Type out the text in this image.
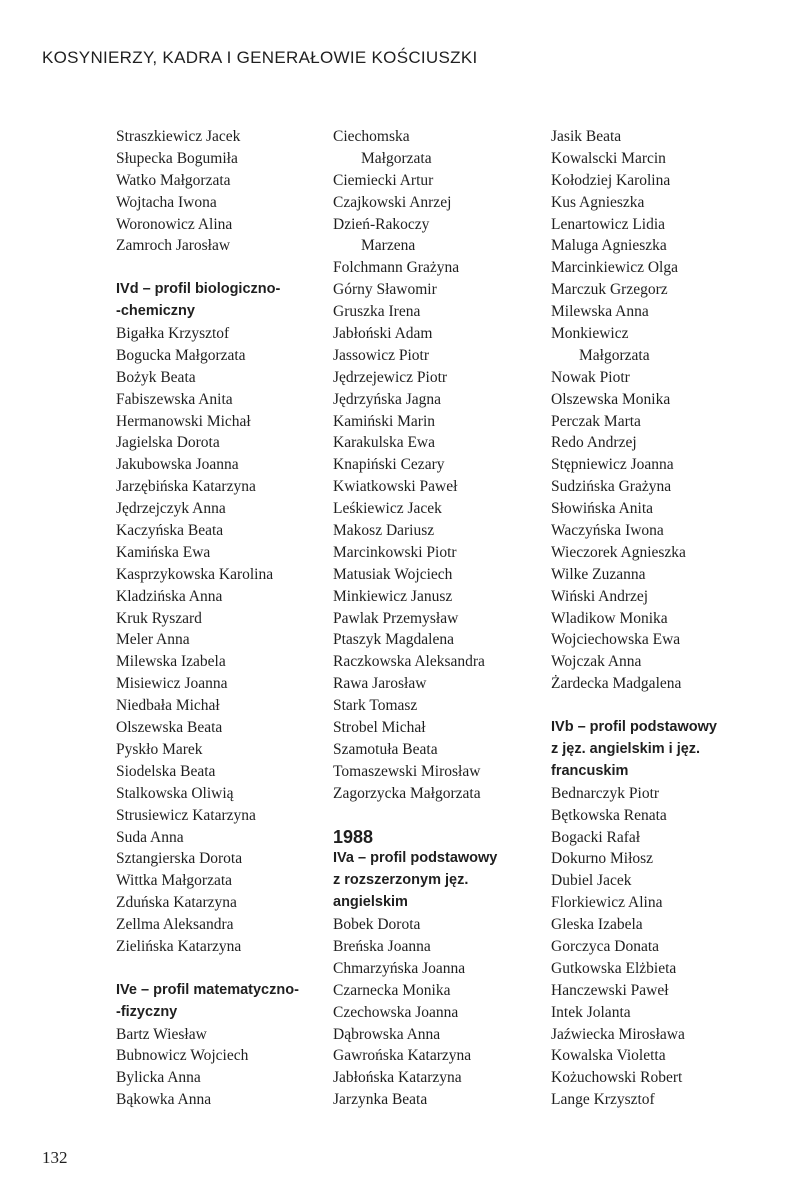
KOSYNIERZY, KADRA I GENERAŁOWIE KOŚCIUSZKI
Straszkiewicz Jacek
Słupecka Bogumiła
Watko Małgorzata
Wojtacha Iwona
Woronowicz Alina
Zamroch Jarosław
IVd – profil biologiczno-
-chemiczny
Bigałka Krzysztof
Bogucka Małgorzata
Bożyk Beata
Fabiszewska Anita
Hermanowski Michał
Jagielska Dorota
Jakubowska Joanna
Jarzębińska Katarzyna
Jędrzejczyk Anna
Kaczyńska Beata
Kamińska Ewa
Kasprzykowska Karolina
Kladzińska Anna
Kruk Ryszard
Meler Anna
Milewska Izabela
Misiewicz Joanna
Niedbała Michał
Olszewska Beata
Pyskło Marek
Siodelska Beata
Stalkowska Oliwią
Strusiewicz Katarzyna
Suda Anna
Sztangierska Dorota
Wittka Małgorzata
Zduńska Katarzyna
Zellma Aleksandra
Zielińska Katarzyna
IVe – profil matematyczno-
-fizyczny
Bartz Wiesław
Bubnowicz Wojciech
Bylicka Anna
Bąkowka Anna
Ciechomska
Małgorzata
Ciemiecki Artur
Czajkowski Anrzej
Dzień-Rakoczy
Marzena
Folchmann Grażyna
Górny Sławomir
Gruszka Irena
Jabłoński Adam
Jassowicz Piotr
Jędrzejewicz Piotr
Jędrzyńska Jagna
Kamiński Marin
Karakulska Ewa
Knapiński Cezary
Kwiatkowski Paweł
Leśkiewicz Jacek
Makosz Dariusz
Marcinkowski Piotr
Matusiak Wojciech
Minkiewicz Janusz
Pawlak Przemysław
Ptaszyk Magdalena
Raczkowska Aleksandra
Rawa Jarosław
Stark Tomasz
Strobel Michał
Szamotuła Beata
Tomaszewski Mirosław
Zagorzycka Małgorzata
1988
IVa – profil podstawowy
z rozszerzonym jęz.
angielskim
Bobek Dorota
Breńska Joanna
Chmarzyńska Joanna
Czarnecka Monika
Czechowska Joanna
Dąbrowska Anna
Gawrońska Katarzyna
Jabłońska Katarzyna
Jarzynka Beata
Jasik Beata
Kowalscki Marcin
Kołodziej Karolina
Kus Agnieszka
Lenartowicz Lidia
Maluga Agnieszka
Marcinkiewicz Olga
Marczuk Grzegorz
Milewska Anna
Monkiewicz
Małgorzata
Nowak Piotr
Olszewska Monika
Perczak Marta
Redo Andrzej
Stępniewicz Joanna
Sudzińska Grażyna
Słowińska Anita
Waczyńska Iwona
Wieczorek Agnieszka
Wilke Zuzanna
Wiński Andrzej
Wladikow Monika
Wojciechowska Ewa
Wojczak Anna
Żardecka Madgalena
IVb – profil podstawowy
z jęz. angielskim i jęz.
francuskim
Bednarczyk Piotr
Bętkowska Renata
Bogacki Rafał
Dokurno Miłosz
Dubiel Jacek
Florkiewicz Alina
Gleska Izabela
Gorczyca Donata
Gutkowska Elżbieta
Hanczewski Paweł
Intek Jolanta
Jaźwiecka Mirosława
Kowalska Violetta
Kożuchowski Robert
Lange Krzysztof
132
